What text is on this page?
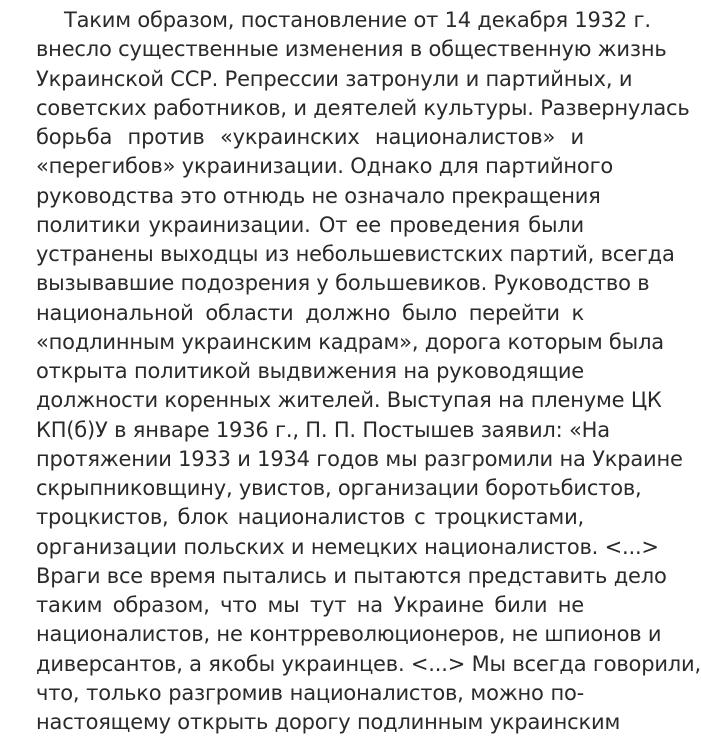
Таким образом, постановление от 14 декабря 1932 г.
внесло существенные изменения в общественную жизнь
Украинской ССР. Репрессии затронули и партийных, и
советских работников, и деятелей культуры. Развернулась
борьба против «украинских националистов» и
«перегибов» украинизации. Однако для партийного
руководства это отнюдь не означало прекращения
политики украинизации. От ее проведения были
устранены выходцы из небольшевистских партий, всегда
вызывавшие подозрения у большевиков. Руководство в
национальной области должно было перейти к
«подлинным украинским кадрам», дорога которым была
открыта политикой выдвижения на руководящие
должности коренных жителей. Выступая на пленуме ЦК
КП(б)У в январе 1936 г., П. П. Постышев заявил: «На
протяжении 1933 и 1934 годов мы разгромили на Украине
скрыпниковщину, увистов, организации боротьбистов,
троцкистов, блок националистов с троцкистами,
организации польских и немецких националистов. <...>
Враги все время пытались и пытаются представить дело
таким образом, что мы тут на Украине били не
националистов, не контрреволюционеров, не шпионов и
диверсантов, а якобы украинцев. <...> Мы всегда говорили,
что, только разгромив националистов, можно по-
настоящему открыть дорогу подлинным украинским
